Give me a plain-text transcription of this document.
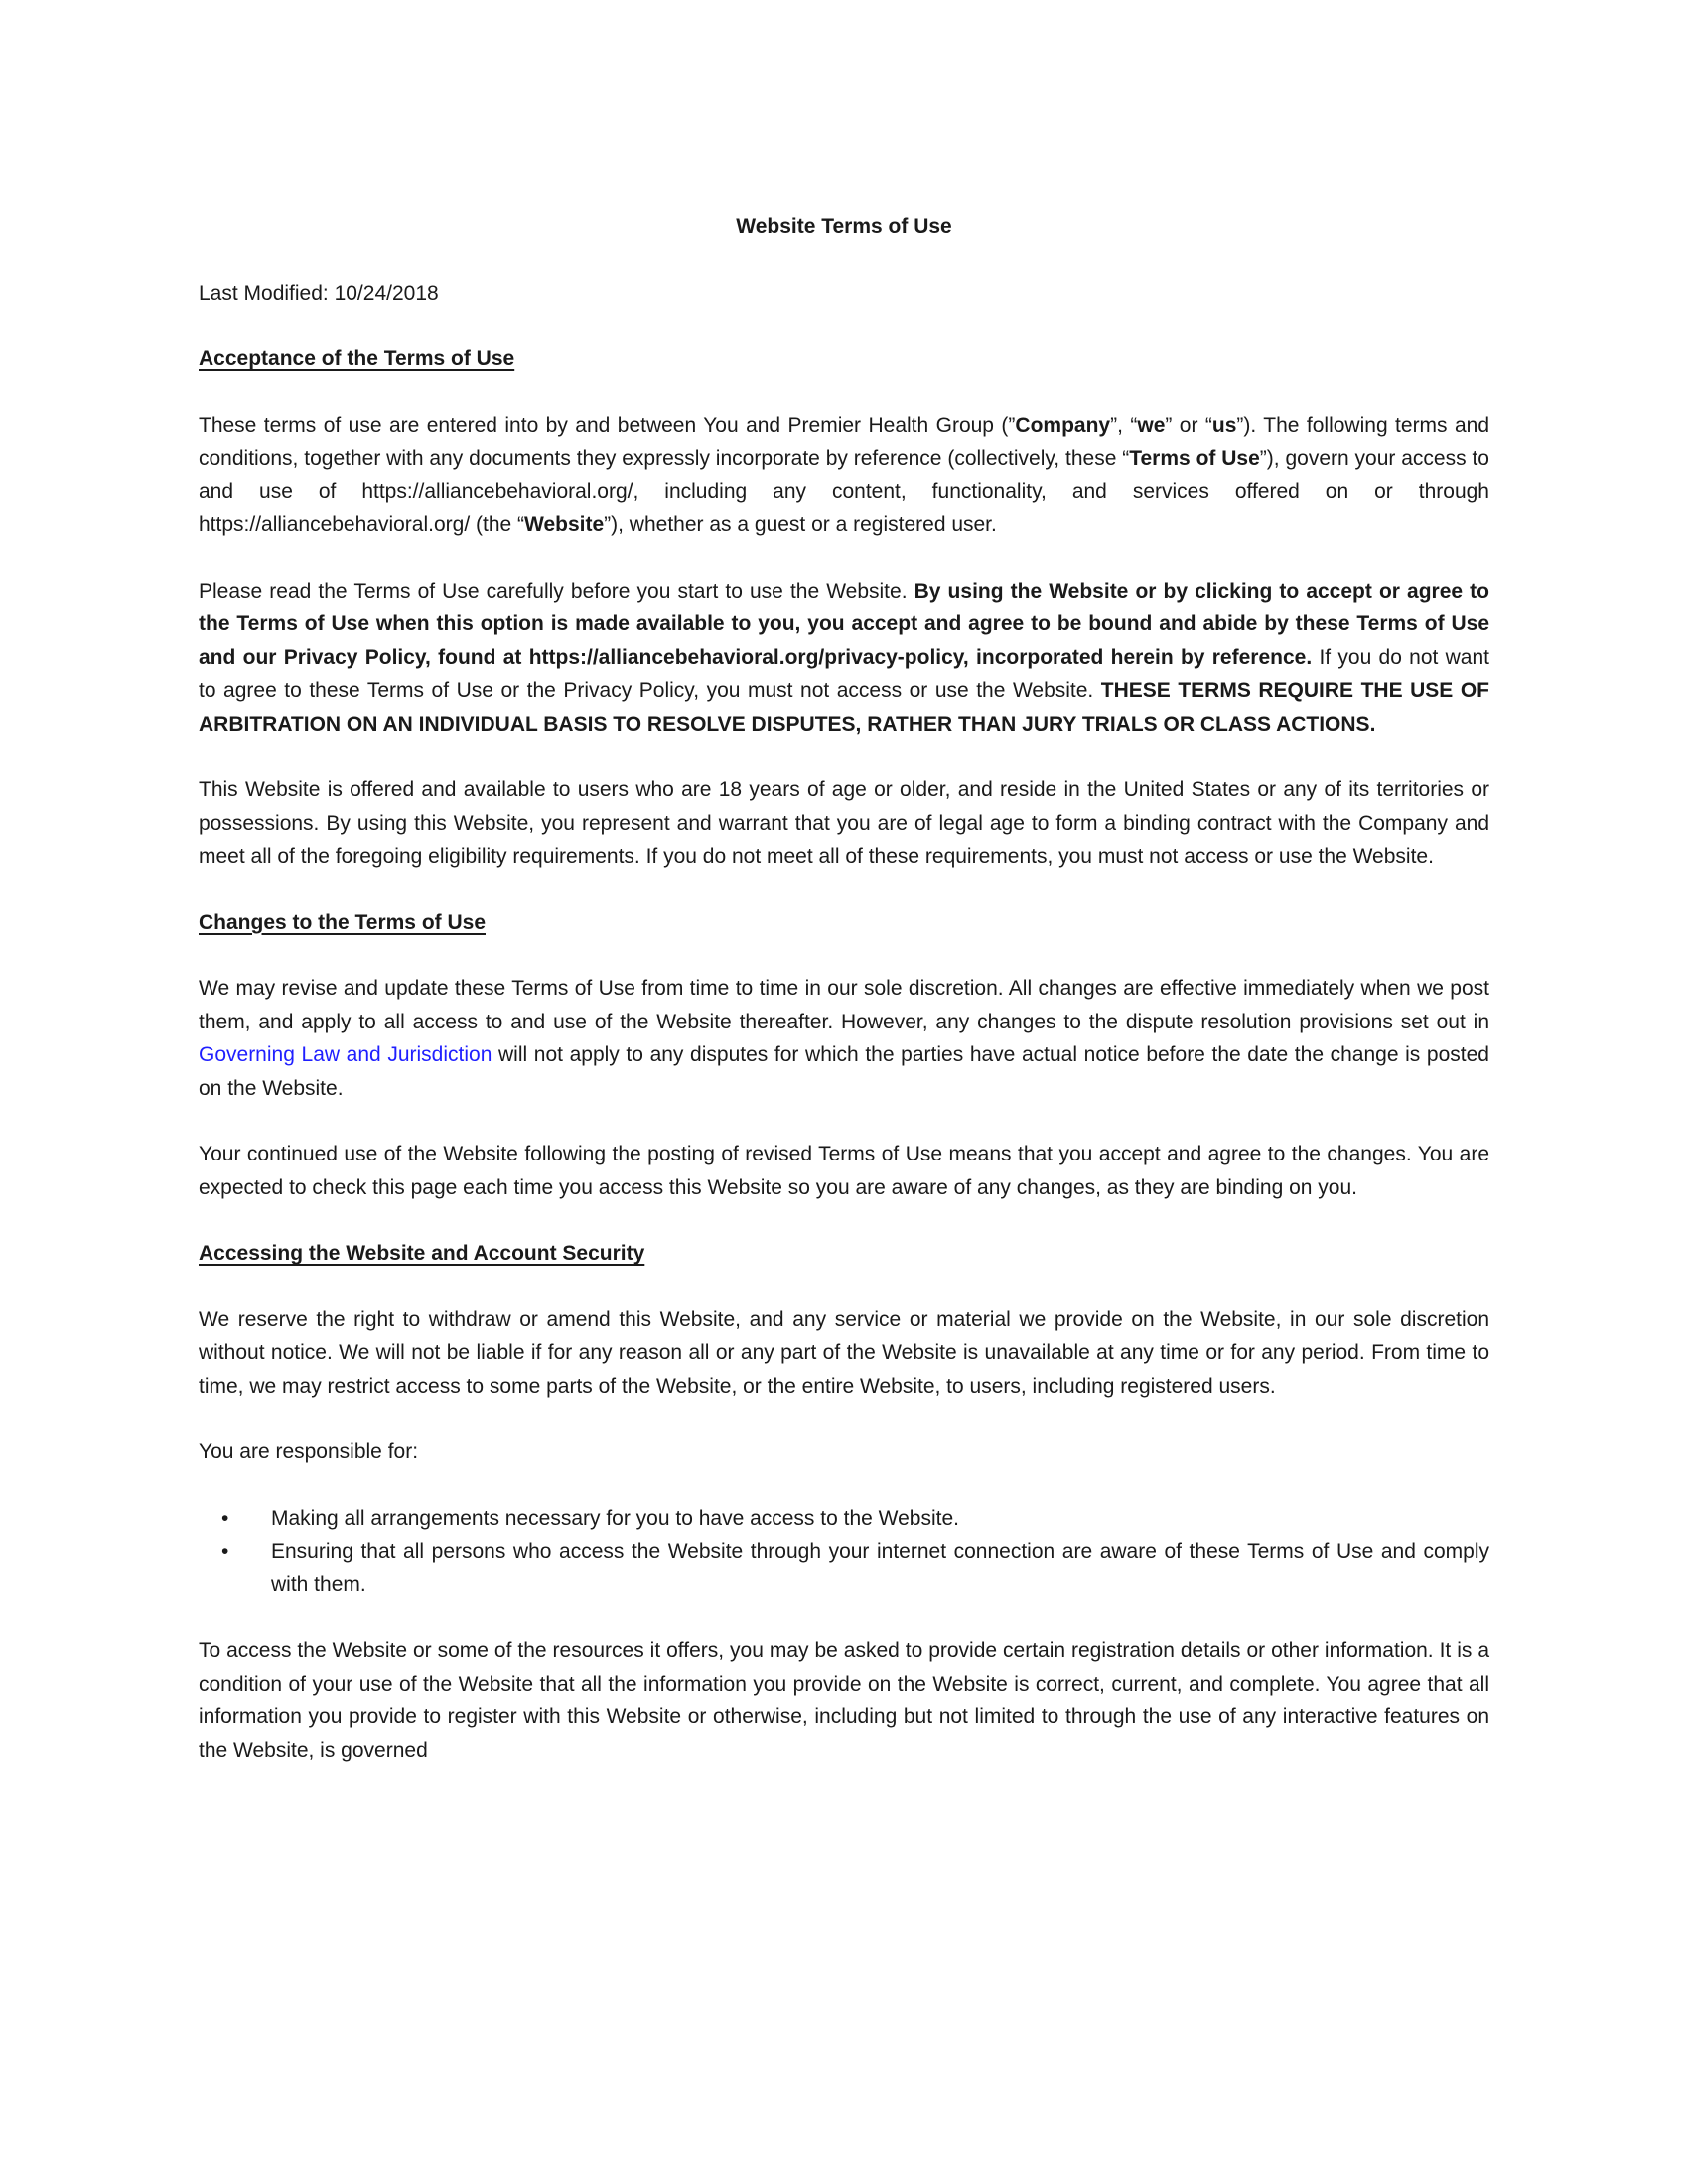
Website Terms of Use

Last Modified: 10/24/2018

Acceptance of the Terms of Use

These terms of use are entered into by and between You and Premier Health Group (”Company”, “we” or “us”). The following terms and conditions, together with any documents they expressly incorporate by reference (collectively, these “Terms of Use”), govern your access to and use of https://alliancebehavioral.org/, including any content, functionality, and services offered on or through https://alliancebehavioral.org/ (the “Website”), whether as a guest or a registered user.

Please read the Terms of Use carefully before you start to use the Website. By using the Website or by clicking to accept or agree to the Terms of Use when this option is made available to you, you accept and agree to be bound and abide by these Terms of Use and our Privacy Policy, found at https://alliancebehavioral.org/privacy-policy, incorporated herein by reference. If you do not want to agree to these Terms of Use or the Privacy Policy, you must not access or use the Website. THESE TERMS REQUIRE THE USE OF ARBITRATION ON AN INDIVIDUAL BASIS TO RESOLVE DISPUTES, RATHER THAN JURY TRIALS OR CLASS ACTIONS.

This Website is offered and available to users who are 18 years of age or older, and reside in the United States or any of its territories or possessions. By using this Website, you represent and warrant that you are of legal age to form a binding contract with the Company and meet all of the foregoing eligibility requirements. If you do not meet all of these requirements, you must not access or use the Website.

Changes to the Terms of Use

We may revise and update these Terms of Use from time to time in our sole discretion. All changes are effective immediately when we post them, and apply to all access to and use of the Website thereafter. However, any changes to the dispute resolution provisions set out in Governing Law and Jurisdiction will not apply to any disputes for which the parties have actual notice before the date the change is posted on the Website.

Your continued use of the Website following the posting of revised Terms of Use means that you accept and agree to the changes. You are expected to check this page each time you access this Website so you are aware of any changes, as they are binding on you.

Accessing the Website and Account Security

We reserve the right to withdraw or amend this Website, and any service or material we provide on the Website, in our sole discretion without notice. We will not be liable if for any reason all or any part of the Website is unavailable at any time or for any period. From time to time, we may restrict access to some parts of the Website, or the entire Website, to users, including registered users.

You are responsible for:

• Making all arrangements necessary for you to have access to the Website.
• Ensuring that all persons who access the Website through your internet connection are aware of these Terms of Use and comply with them.

To access the Website or some of the resources it offers, you may be asked to provide certain registration details or other information. It is a condition of your use of the Website that all the information you provide on the Website is correct, current, and complete. You agree that all information you provide to register with this Website or otherwise, including but not limited to through the use of any interactive features on the Website, is governed
